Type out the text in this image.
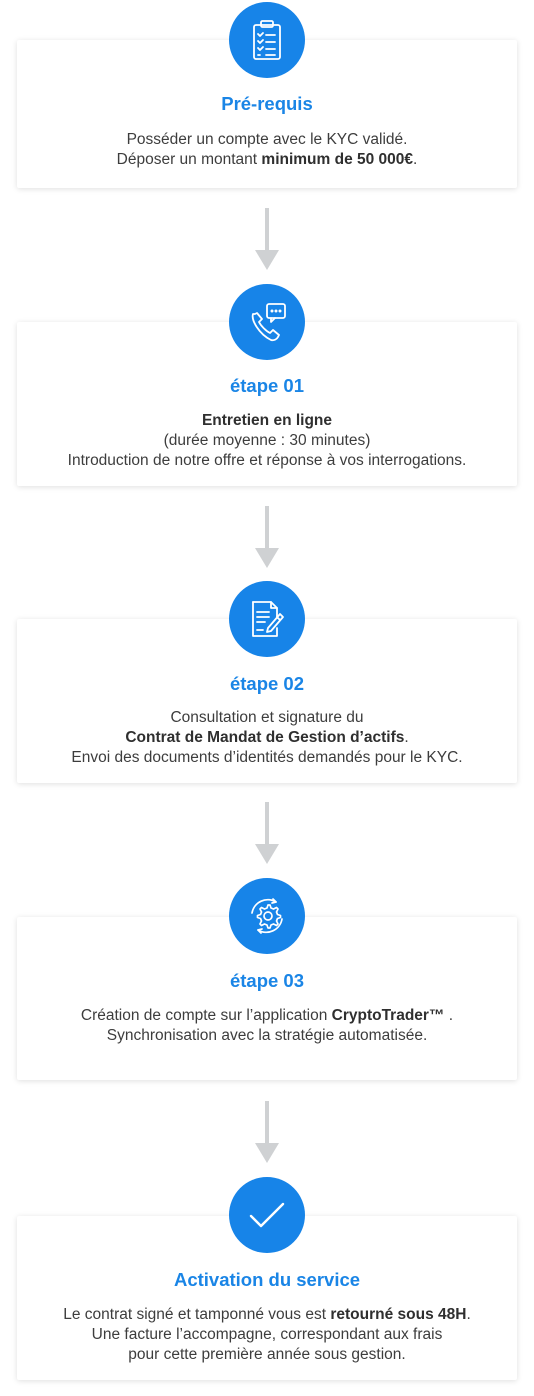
Pré-requis
Posséder un compte avec le KYC validé.
Déposer un montant minimum de 50 000€.
étape 01
Entretien en ligne
(durée moyenne : 30 minutes)
Introduction de notre offre et réponse à vos interrogations.
étape 02
Consultation et signature du
Contrat de Mandat de Gestion d’actifs.
Envoi des documents d’identités demandés pour le KYC.
étape 03
Création de compte sur l’application CryptoTrader™ .
Synchronisation avec la stratégie automatisée.
Activation du service
Le contrat signé et tamponné vous est retourné sous 48H.
Une facture l’accompagne, correspondant aux frais
pour cette première année sous gestion.
